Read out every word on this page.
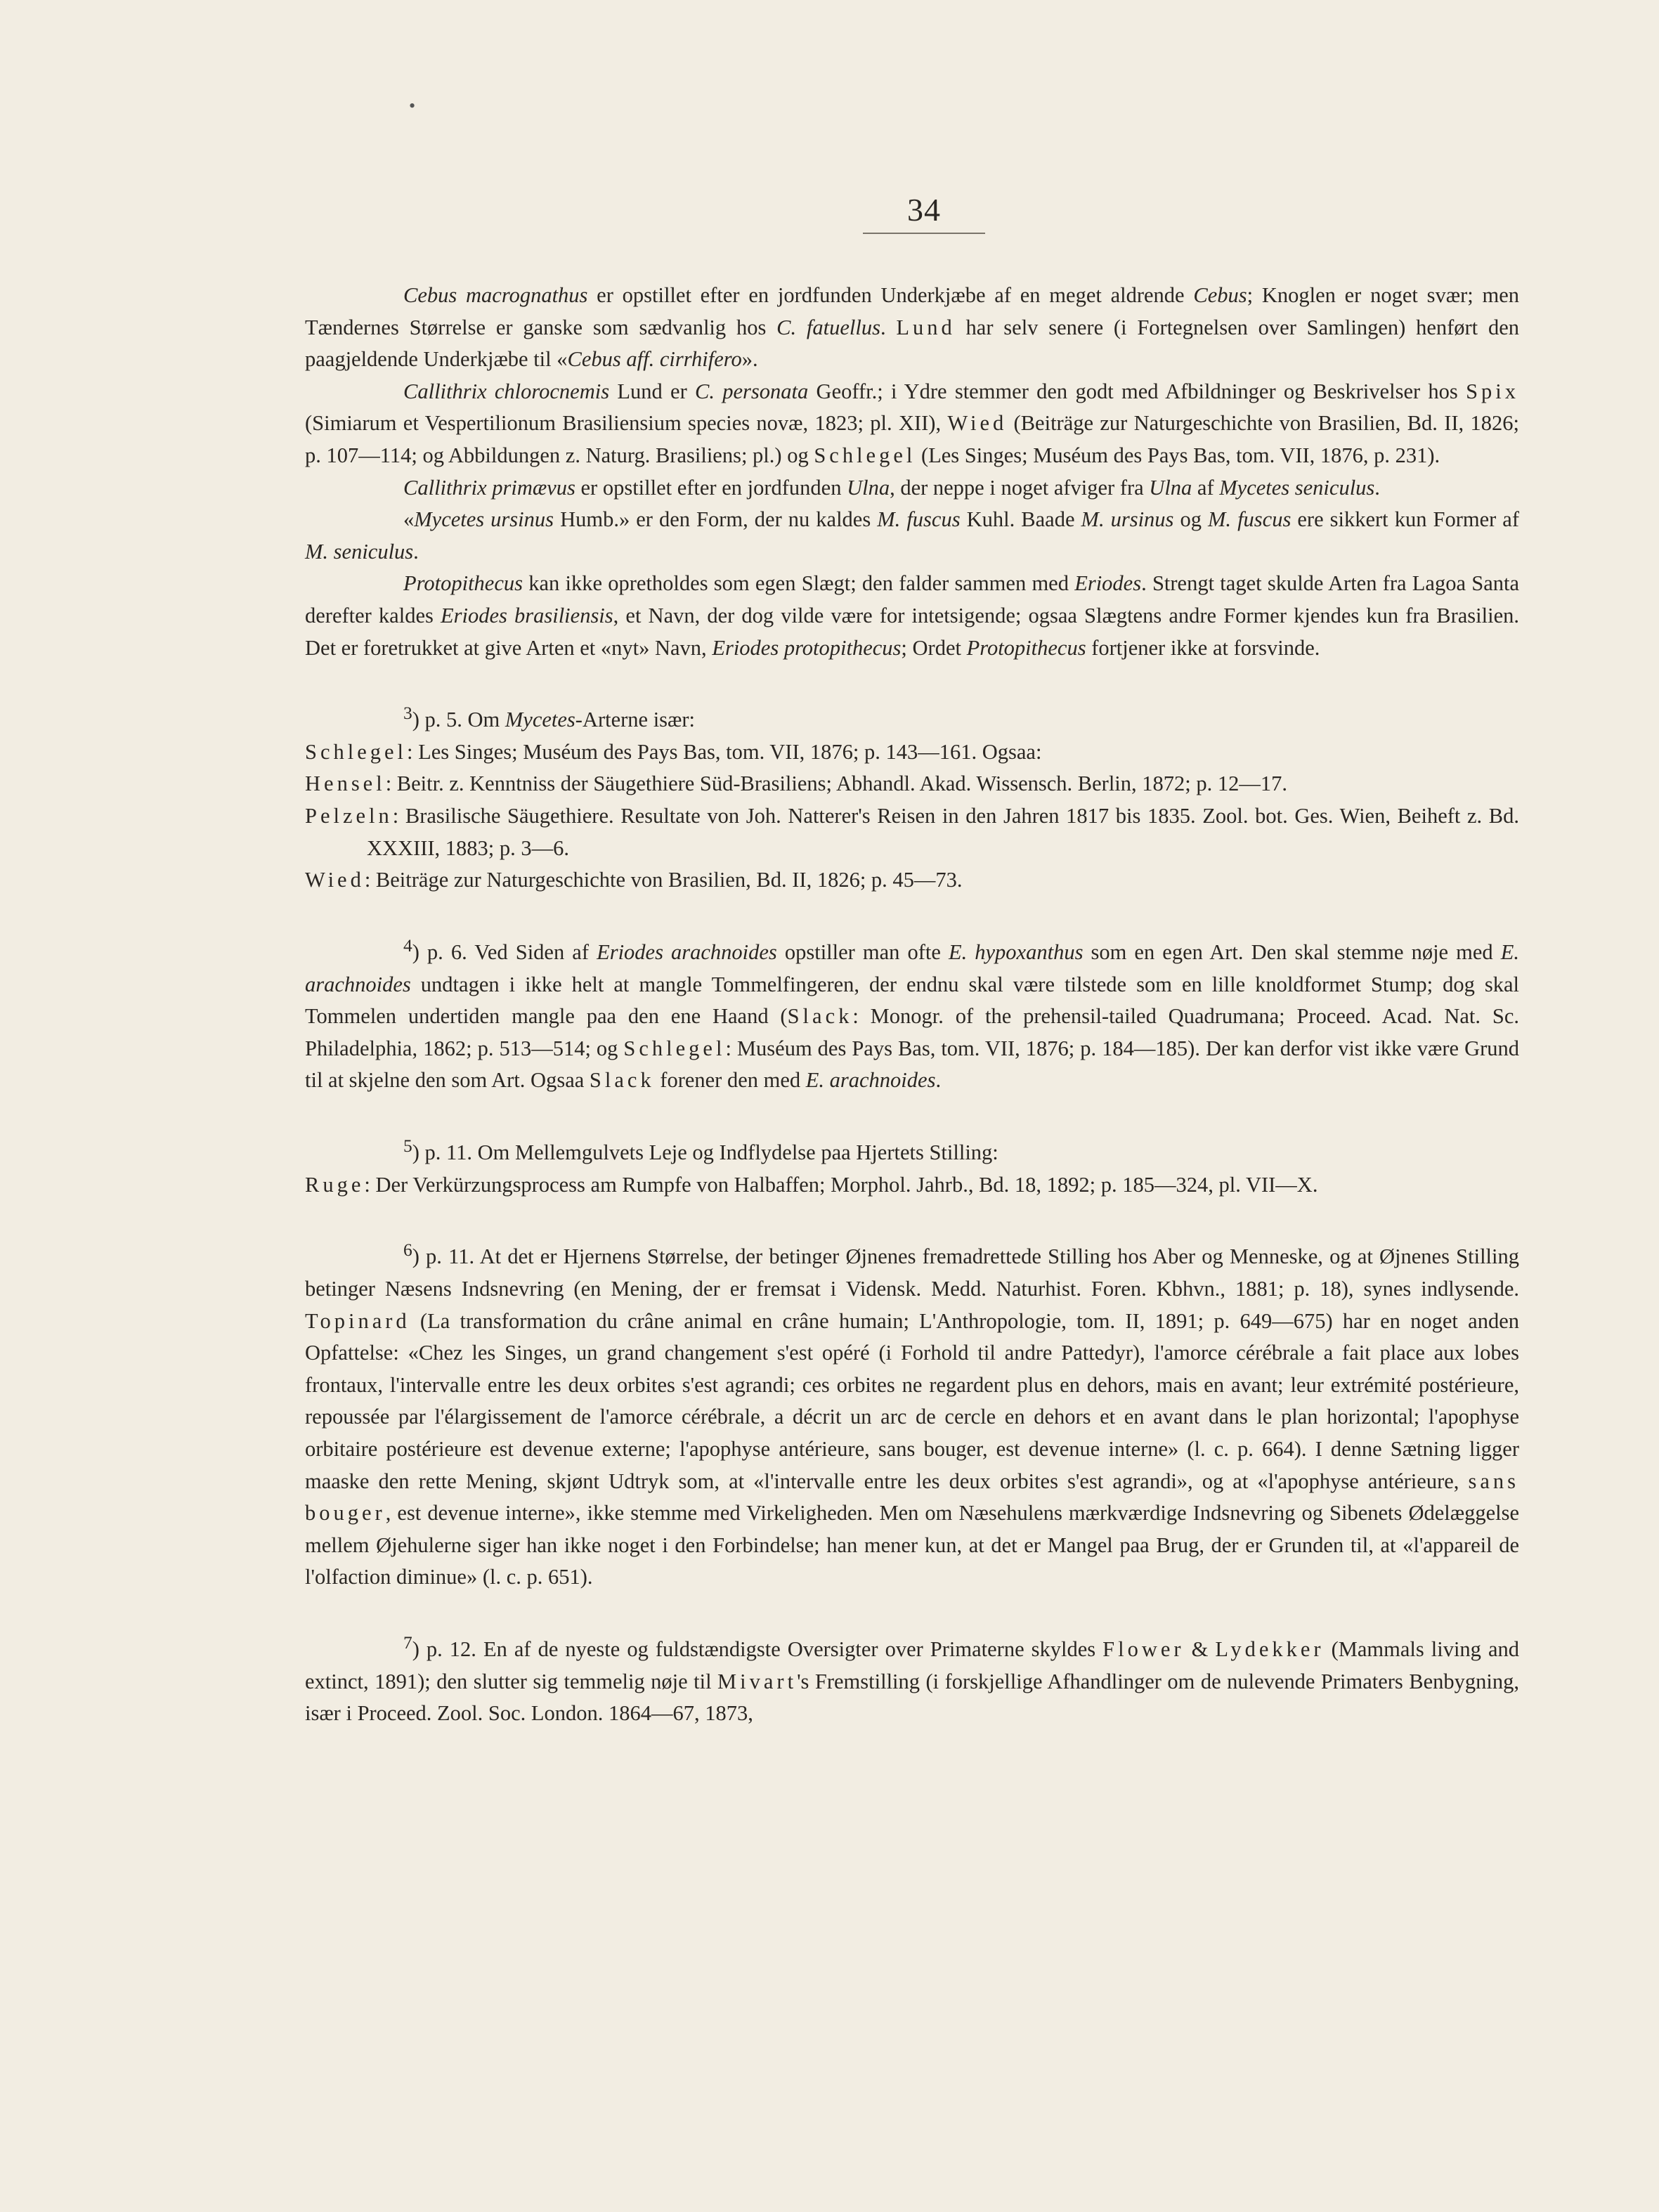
•
34

Cebus macrognathus er opstillet efter en jordfunden Underkjæbe af en meget aldrende Cebus; Knoglen er noget svær; men Tændernes Størrelse er ganske som sædvanlig hos C. fatuellus. Lund har selv senere (i Fortegnelsen over Samlingen) henført den paagjeldende Underkjæbe til «Cebus aff. cirrhifero».

Callithrix chlorocnemis Lund er C. personata Geoffr.; i Ydre stemmer den godt med Afbildninger og Beskrivelser hos Spix (Simiarum et Vespertilionum Brasiliensium species novæ, 1823; pl. XII), Wied (Beiträge zur Naturgeschichte von Brasilien, Bd. II, 1826; p. 107—114; og Abbildungen z. Naturg. Brasiliens; pl.) og Schlegel (Les Singes; Muséum des Pays Bas, tom. VII, 1876, p. 231).

Callithrix primævus er opstillet efter en jordfunden Ulna, der neppe i noget afviger fra Ulna af Mycetes seniculus.

«Mycetes ursinus Humb.» er den Form, der nu kaldes M. fuscus Kuhl. Baade M. ursinus og M. fuscus ere sikkert kun Former af M. seniculus.

Protopithecus kan ikke opretholdes som egen Slægt; den falder sammen med Eriodes. Strengt taget skulde Arten fra Lagoa Santa derefter kaldes Eriodes brasiliensis, et Navn, der dog vilde være for intetsigende; ogsaa Slægtens andre Former kjendes kun fra Brasilien. Det er foretrukket at give Arten et «nyt» Navn, Eriodes protopithecus; Ordet Protopithecus fortjener ikke at forsvinde.

$^3$) p. 5. Om Mycetes-Arterne især:

Schlegel: Les Singes; Muséum des Pays Bas, tom. VII, 1876; p. 143—161. Ogsaa:

Hensel: Beitr. z. Kenntniss der Säugethiere Süd-Brasiliens; Abhandl. Akad. Wissensch. Berlin, 1872; p. 12—17.

Pelzeln: Brasilische Säugethiere. Resultate von Joh. Natterer's Reisen in den Jahren 1817 bis 1835. Zool. bot. Ges. Wien, Beiheft z. Bd. XXXIII, 1883; p. 3—6.

Wied: Beiträge zur Naturgeschichte von Brasilien, Bd. II, 1826; p. 45—73.

$^4$) p. 6. Ved Siden af Eriodes arachnoides opstiller man ofte E. hypoxanthus som en egen Art. Den skal stemme nøje med E. arachnoides undtagen i ikke helt at mangle Tommelfingeren, der endnu skal være tilstede som en lille knoldformet Stump; dog skal Tommelen undertiden mangle paa den ene Haand (Slack: Monogr. of the prehensil-tailed Quadrumana; Proceed. Acad. Nat. Sc. Philadelphia, 1862; p. 513—514; og Schlegel: Muséum des Pays Bas, tom. VII, 1876; p. 184—185). Der kan derfor vist ikke være Grund til at skjelne den som Art. Ogsaa Slack forener den med E. arachnoides.

$^5$) p. 11. Om Mellemgulvets Leje og Indflydelse paa Hjertets Stilling:

Ruge: Der Verkürzungsprocess am Rumpfe von Halbaffen; Morphol. Jahrb., Bd. 18, 1892; p. 185—324, pl. VII—X.

$^6$) p. 11. At det er Hjernens Størrelse, der betinger Øjnenes fremadrettede Stilling hos Aber og Menneske, og at Øjnenes Stilling betinger Næsens Indsnevring (en Mening, der er fremsat i Vidensk. Medd. Naturhist. Foren. Kbhvn., 1881; p. 18), synes indlysende. Topinard (La transformation du crâne animal en crâne humain; L'Anthropologie, tom. II, 1891; p. 649—675) har en noget anden Opfattelse: «Chez les Singes, un grand changement s'est opéré (i Forhold til andre Pattedyr), l'amorce cérébrale a fait place aux lobes frontaux, l'intervalle entre les deux orbites s'est agrandi; ces orbites ne regardent plus en dehors, mais en avant; leur extrémité postérieure, repoussée par l'élargissement de l'amorce cérébrale, a décrit un arc de cercle en dehors et en avant dans le plan horizontal; l'apophyse orbitaire postérieure est devenue externe; l'apophyse antérieure, sans bouger, est devenue interne» (l. c. p. 664). I denne Sætning ligger maaske den rette Mening, skjønt Udtryk som, at «l'intervalle entre les deux orbites s'est agrandi», og at «l'apophyse antérieure, sans bouger, est devenue interne», ikke stemme med Virkeligheden. Men om Næsehulens mærkværdige Indsnevring og Sibenets Ødelæggelse mellem Øjehulerne siger han ikke noget i den Forbindelse; han mener kun, at det er Mangel paa Brug, der er Grunden til, at «l'appareil de l'olfaction diminue» (l. c. p. 651).

$^7$) p. 12. En af de nyeste og fuldstændigste Oversigter over Primaterne skyldes Flower & Lydekker (Mammals living and extinct, 1891); den slutter sig temmelig nøje til Mivart's Fremstilling (i forskjellige Afhandlinger om de nulevende Primaters Benbygning, især i Proceed. Zool. Soc. London. 1864—67, 1873,
